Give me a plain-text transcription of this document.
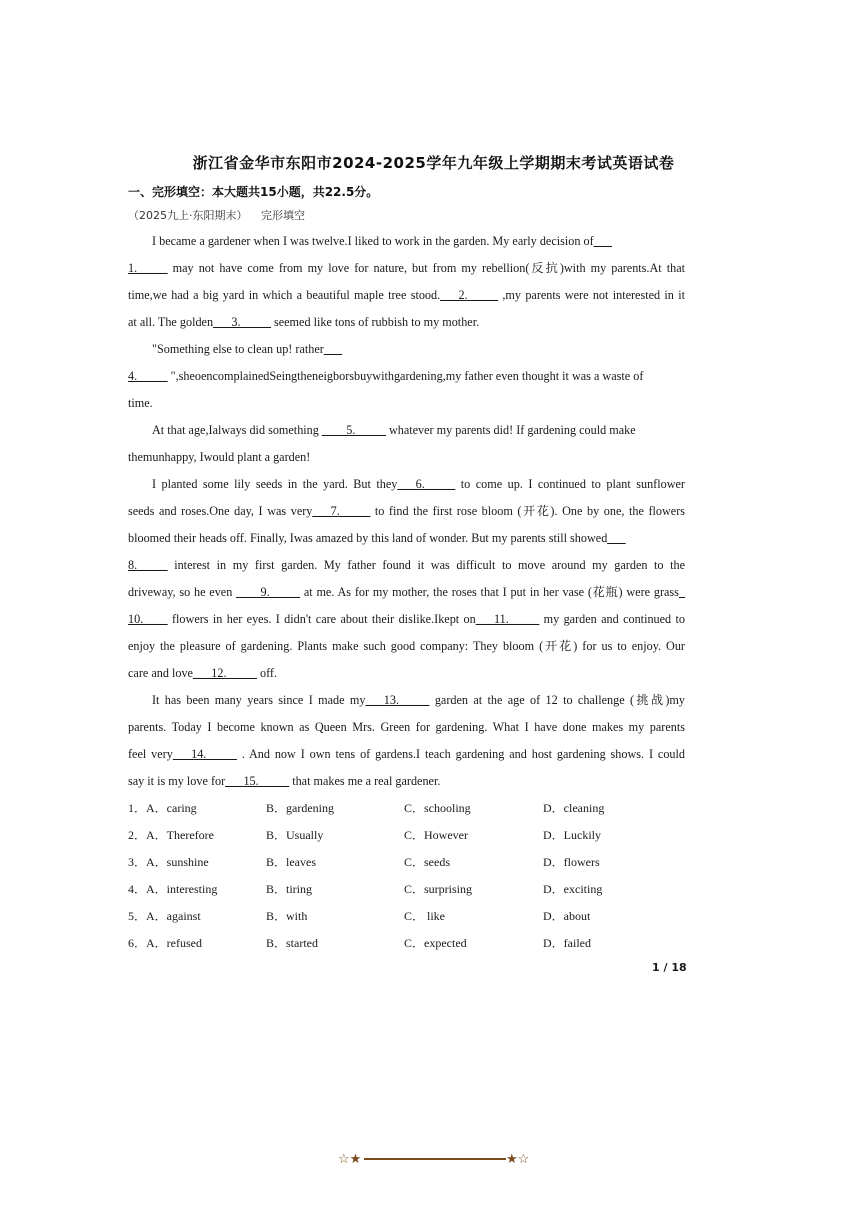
浙江省金华市东阳市2024-2025学年九年级上学期期末考试英语试卷
一、完形填空：本大题共15小题，共22.5分。
（2025九上·东阳期末） 完形填空
I became a gardener when I was twelve.I liked to work in the garden. My early decision of___
1._____ may not have come from my love for nature, but from my rebellion(反抗)with my parents.At that
time,we had a big yard in which a beautiful maple tree stood.___2._____ ,my parents were not interested in it
at all. The golden___3._____ seemed like tons of rubbish to my mother.
"Something else to clean up! rather___
4._____ ",sheoencomplainedSeingtheneigborsbuywithgardening,my father even thought it was a waste of
time.
At that age,Ialways did something ____5._____ whatever my parents did! If gardening could make
themunhappy, Iwould plant a garden!
I planted some lily seeds in the yard. But they___6._____ to come up. I continued to plant sunflower
seeds and roses.One day, I was very___7._____ to find the first rose bloom (开花). One by one, the flowers
bloomed their heads off. Finally, Iwas amazed by this land of wonder. But my parents still showed___
8._____ interest in my first garden. My father found it was difficult to move around my garden to the
driveway, so he even ____9._____ at me. As for my mother, the roses that I put in her vase (花瓶) were grass_
10.____ flowers in her eyes. I didn't care about their dislike.Ikept on___11._____ my garden and continued to
enjoy the pleasure of gardening. Plants make such good company: They bloom (开花) for us to enjoy. Our
care and love___12._____ off.
It has been many years since I made my___13._____ garden at the age of 12 to challenge (挑战)my
parents. Today I become known as Queen Mrs. Green for gardening. What I have done makes my parents
feel very___14._____ . And now I own tens of gardens.I teach gardening and host gardening shows. I could
say it is my love for___15._____ that makes me a real gardener.
1．A．caring	B．gardening	C．schooling	D．cleaning
2．A．Therefore	B．Usually	C．However	D．Luckily
3．A．sunshine	B．leaves	C．seeds	D．flowers
4．A．interesting	B．tiring	C．surprising	D．exciting
5．A．against	B．with	C． like	D．about
6．A．refused	B．started	C．expected	D．failed
1 / 18
☆★	★☆
